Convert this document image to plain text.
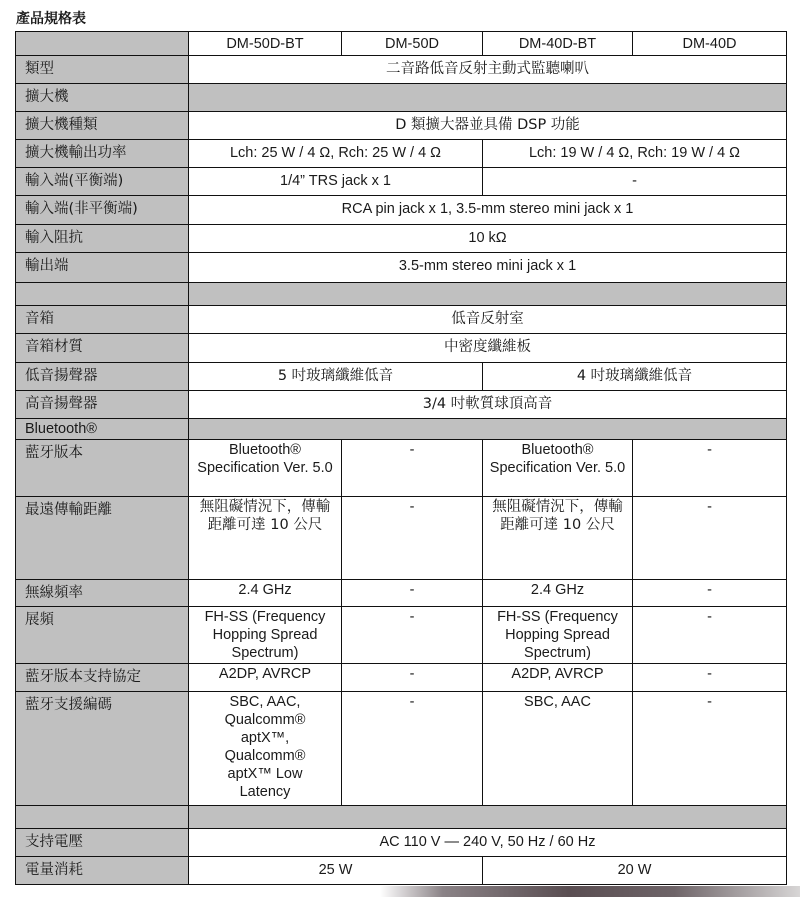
產品規格表
	DM-50D-BT	DM-50D	DM-40D-BT	DM-40D
類型	二音路低音反射主動式監聽喇叭			
擴大機				
擴大機種類	D 類擴大器並具備 DSP 功能			
擴大機輸出功率	Lch: 25 W / 4 Ω, Rch: 25 W / 4 Ω		Lch: 19 W / 4 Ω, Rch: 19 W / 4 Ω	
輸入端(平衡端)	1/4” TRS jack x 1		-	
輸入端(非平衡端)	RCA pin jack x 1, 3.5-mm stereo mini jack x 1			
輸入阻抗	10 kΩ			
輸出端	3.5-mm stereo mini jack x 1			

音箱	低音反射室			
音箱材質	中密度纖維板			
低音揚聲器	5 吋玻璃纖維低音		4 吋玻璃纖維低音	
高音揚聲器	3/4 吋軟質球頂高音			
Bluetooth®				
藍牙版本	Bluetooth® Specification Ver. 5.0	-	Bluetooth® Specification Ver. 5.0	-
最遠傳輸距離	無阻礙情況下，傳輸距離可達 10 公尺	-	無阻礙情況下，傳輸距離可達 10 公尺	-
無線頻率	2.4 GHz	-	2.4 GHz	-
展頻	FH-SS (Frequency Hopping Spread Spectrum)	-	FH-SS (Frequency Hopping Spread Spectrum)	-
藍牙版本支持協定	A2DP, AVRCP	-	A2DP, AVRCP	-
藍牙支援編碼	SBC, AAC, Qualcomm® aptX™, Qualcomm® aptX™ Low Latency	-	SBC, AAC	-

支持電壓	AC 110 V — 240 V, 50 Hz / 60 Hz			
電量消耗	25 W		20 W	
